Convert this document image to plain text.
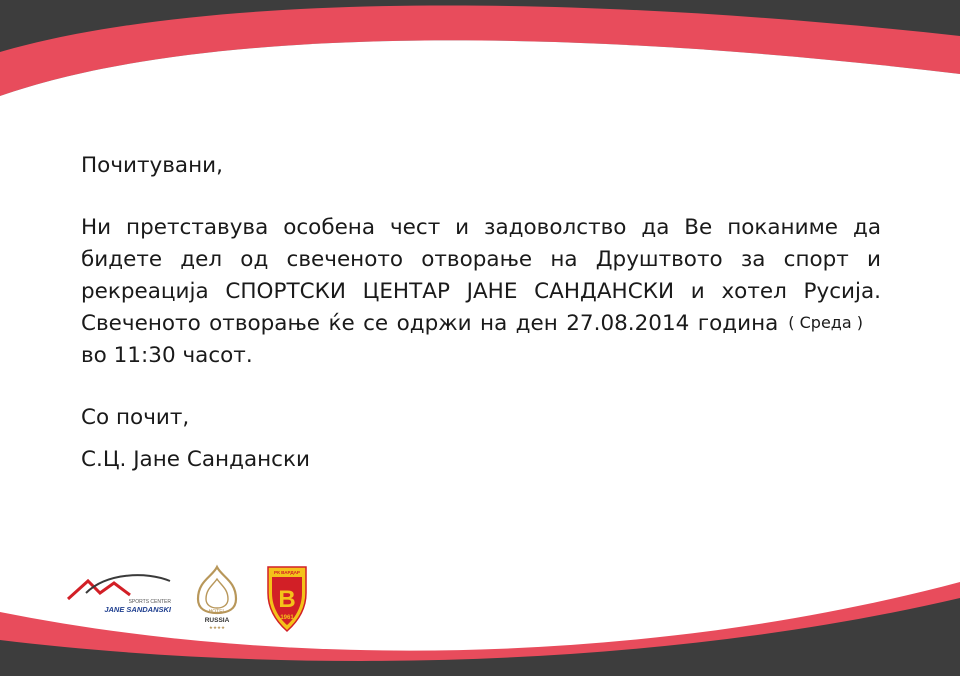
Почитувани,

Ни претставува особена чест и задоволство да Ве поканиме да бидете дел од свеченото отворање на Друштвото за спорт и рекреација СПОРТСКИ ЦЕНТАР ЈАНЕ САНДАНСКИ и хотел Русија. Свеченото отворање ќе се одржи на ден 27.08.2014 година ( Среда )во 11:30 часот.

Со почит,

С.Ц. Јане Сандански

SPORTS CENTER
JANE SANDANSKI	HOTEL
RUSSIA
★★★★
РК ВАРДАР
В
1961
